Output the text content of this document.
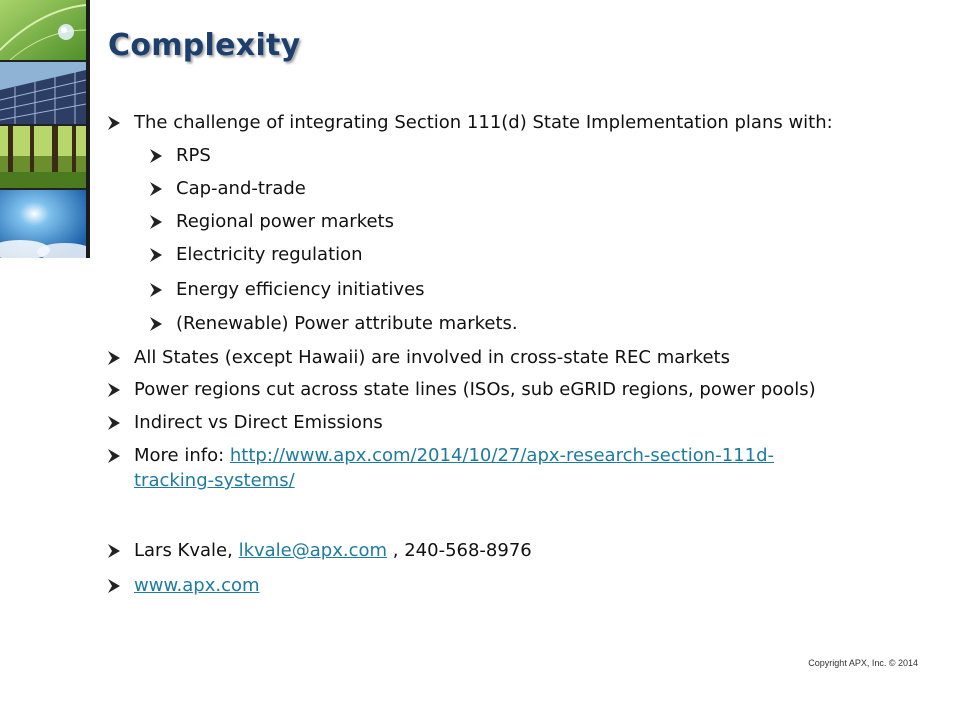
Complexity
The challenge of integrating Section 111(d) State Implementation plans with:
RPS
Cap-and-trade
Regional power markets
Electricity regulation
Energy efficiency initiatives
(Renewable) Power attribute markets.
All States (except Hawaii) are involved in cross-state REC markets
Power regions cut across state lines (ISOs, sub eGRID regions, power pools)
Indirect vs Direct Emissions
More info: http://www.apx.com/2014/10/27/apx-research-section-111d-
tracking-systems/
Lars Kvale, lkvale@apx.com , 240-568-8976
www.apx.com
Copyright APX, Inc. © 2014
